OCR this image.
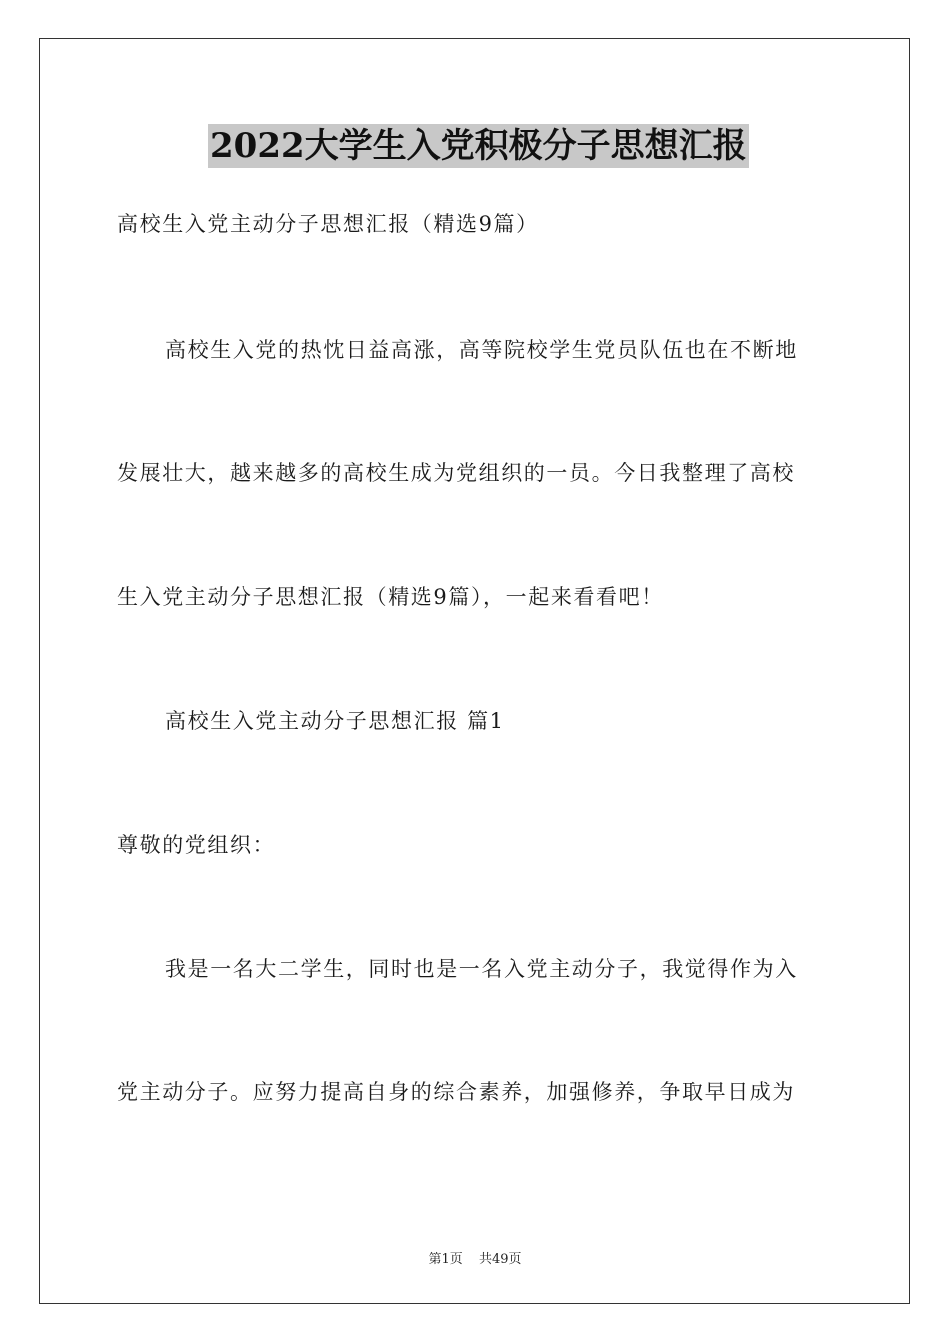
2022大学生入党积极分子思想汇报
高校生入党主动分子思想汇报（精选9篇）
高校生入党的热忱日益高涨，高等院校学生党员队伍也在不断地
发展壮大，越来越多的高校生成为党组织的一员。今日我整理了高校
生入党主动分子思想汇报（精选9篇），一起来看看吧！
高校生入党主动分子思想汇报 篇1
尊敬的党组织：
我是一名大二学生，同时也是一名入党主动分子，我觉得作为入
党主动分子。应努力提高自身的综合素养，加强修养，争取早日成为
第1页 共49页
